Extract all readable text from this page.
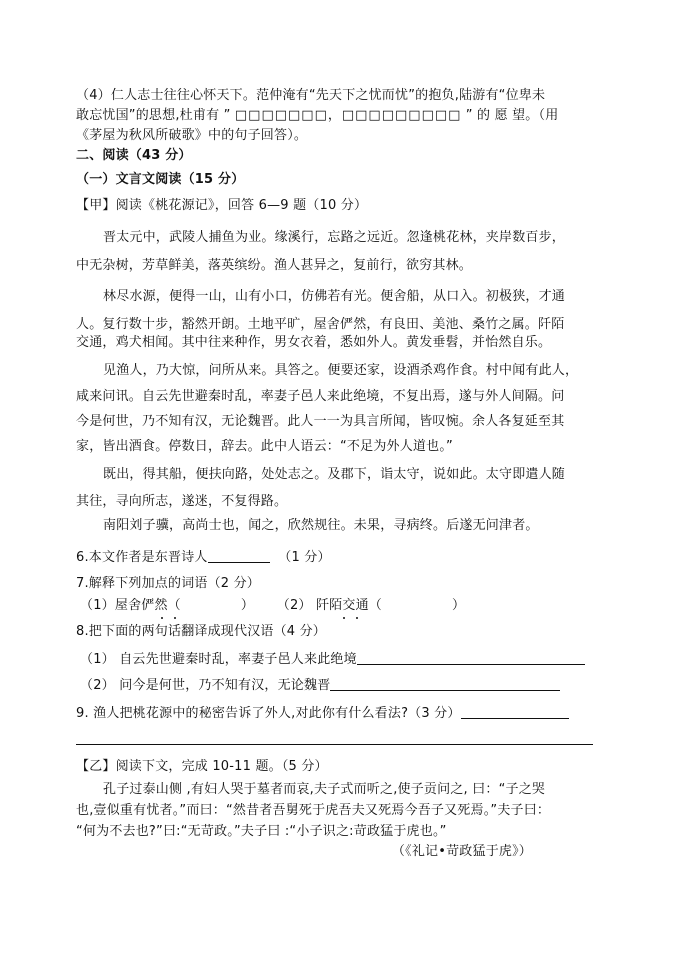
（4）仁人志士往往心怀天下。范仲淹有“先天下之忧而忧”的抱负,陆游有“位卑未
敢忘忧国”的思想,杜甫有 ” □□□□□□□，□□□□□□□□□ ” 的 愿 望。（用
《茅屋为秋风所破歌》中的句子回答）。
二、阅读（43 分）
（一）文言文阅读（15 分）
【甲】阅读《桃花源记》，回答 6—9 题（10 分）
晋太元中，武陵人捕鱼为业。缘溪行，忘路之远近。忽逢桃花林，夹岸数百步，
中无杂树，芳草鲜美，落英缤纷。渔人甚异之，复前行，欲穷其林。
林尽水源，便得一山，山有小口，仿佛若有光。便舍船，从口入。初极狭，才通
人。复行数十步，豁然开朗。土地平旷，屋舍俨然，有良田、美池、桑竹之属。阡陌
交通，鸡犬相闻。其中往来种作，男女衣着，悉如外人。黄发垂髫，并怡然自乐。
见渔人，乃大惊，问所从来。具答之。便要还家，设酒杀鸡作食。村中闻有此人，
咸来问讯。自云先世避秦时乱，率妻子邑人来此绝境，不复出焉，遂与外人间隔。问
今是何世，乃不知有汉，无论魏晋。此人一一为具言所闻，皆叹惋。余人各复延至其
家，皆出酒食。停数日，辞去。此中人语云：“不足为外人道也。”
既出，得其船，便扶向路，处处志之。及郡下，诣太守，说如此。太守即遣人随
其往，寻向所志，遂迷，不复得路。
南阳刘子骥，高尚士也，闻之，欣然规往。未果，寻病终。后遂无问津者。
6.本文作者是东晋诗人	（1 分）
7.解释下列加点的词语（2 分）
（1）屋舍俨然（	） （2） 阡陌交通（	）
8.把下面的两句话翻译成现代汉语（4 分）
（1） 自云先世避秦时乱，率妻子邑人来此绝境
（2） 问今是何世，乃不知有汉，无论魏晋
9. 渔人把桃花源中的秘密告诉了外人,对此你有什么看法?（3 分）
【乙】阅读下文，完成 10-11 题。（5 分）
孔子过泰山侧 ,有妇人哭于墓者而哀,夫子式而听之,使子贡问之, 曰：“子之哭
也,壹似重有忧者。”而曰：“然昔者吾舅死于虎吾夫又死焉今吾子又死焉。”夫子曰：
“何为不去也?”曰:“无苛政。”夫子曰 :“小子识之:苛政猛于虎也。”
（《礼记•苛政猛于虎》）
